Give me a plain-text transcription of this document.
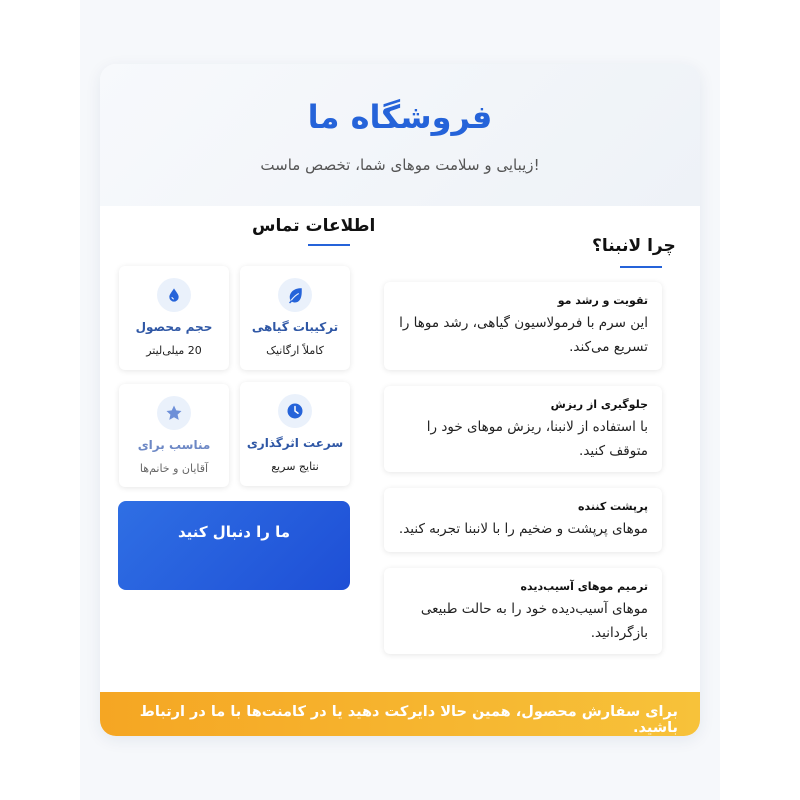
فروشگاه ما
زیبایی و سلامت موهای شما، تخصص ماست!
چرا لانبنا؟
تقویت و رشد مو
این سرم با فرمولاسیون گیاهی، رشد موها را تسریع می‌کند.
جلوگیری از ریزش
با استفاده از لانبنا، ریزش موهای خود را متوقف کنید.
پرپشت کننده
موهای پرپشت و ضخیم را با لانبنا تجربه کنید.
ترمیم موهای آسیب‌دیده
موهای آسیب‌دیده خود را به حالت طبیعی بازگردانید.
اطلاعات تماس
ترکیبات گیاهی
کاملاً ارگانیک
حجم محصول
20 میلی‌لیتر
سرعت اثرگذاری
نتایج سریع
مناسب برای
آقایان و خانم‌ها
ما را دنبال کنید
برای سفارش محصول، همین حالا دایرکت دهید یا در کامنت‌ها با ما در ارتباط باشید.
